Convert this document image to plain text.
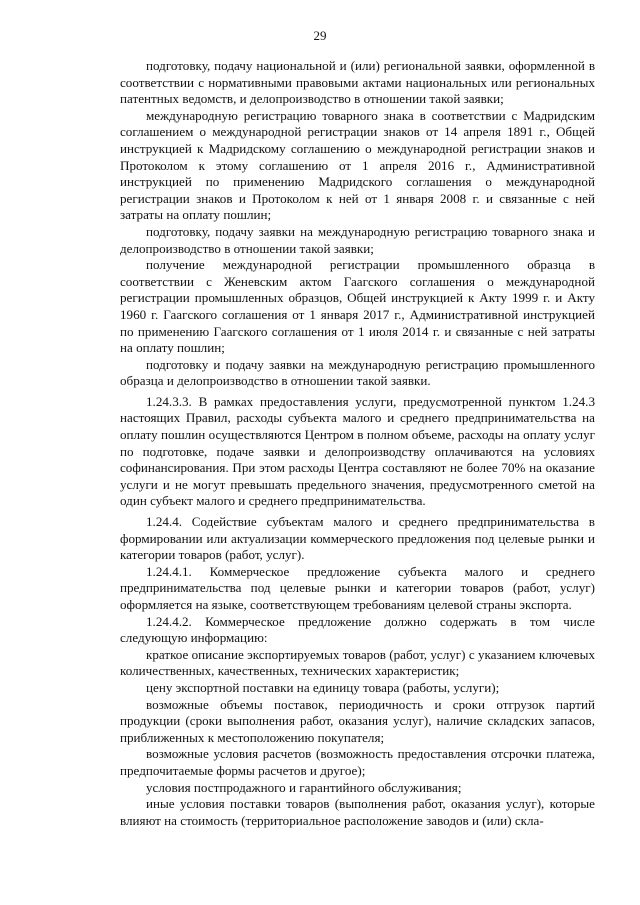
29

подготовку, подачу национальной и (или) региональной заявки, оформленной в соответствии с нормативными правовыми актами национальных или региональных патентных ведомств, и делопроизводство в отношении такой заявки;

международную регистрацию товарного знака в соответствии с Мадридским соглашением о международной регистрации знаков от 14 апреля 1891 г., Общей инструкцией к Мадридскому соглашению о международной регистрации знаков и Протоколом к этому соглашению от 1 апреля 2016 г., Административной инструкцией по применению Мадридского соглашения о международной регистрации знаков и Протоколом к ней от 1 января 2008 г. и связанные с ней затраты на оплату пошлин;

подготовку, подачу заявки на международную регистрацию товарного знака и делопроизводство в отношении такой заявки;

получение международной регистрации промышленного образца в соответствии с Женевским актом Гаагского соглашения о международной регистрации промышленных образцов, Общей инструкцией к Акту 1999 г. и Акту 1960 г. Гаагского соглашения от 1 января 2017 г., Административной инструкцией по применению Гаагского соглашения от 1 июля 2014 г. и связанные с ней затраты на оплату пошлин;

подготовку и подачу заявки на международную регистрацию промышленного образца и делопроизводство в отношении такой заявки.

1.24.3.3. В рамках предоставления услуги, предусмотренной пунктом 1.24.3 настоящих Правил, расходы субъекта малого и среднего предпринимательства на оплату пошлин осуществляются Центром в полном объеме, расходы на оплату услуг по подготовке, подаче заявки и делопроизводству оплачиваются на условиях софинансирования. При этом расходы Центра составляют не более 70% на оказание услуги и не могут превышать предельного значения, предусмотренного сметой на один субъект малого и среднего предпринимательства.

1.24.4. Содействие субъектам малого и среднего предпринимательства в формировании или актуализации коммерческого предложения под целевые рынки и категории товаров (работ, услуг).

1.24.4.1. Коммерческое предложение субъекта малого и среднего предпринимательства под целевые рынки и категории товаров (работ, услуг) оформляется на языке, соответствующем требованиям целевой страны экспорта.

1.24.4.2. Коммерческое предложение должно содержать в том числе следующую информацию:

краткое описание экспортируемых товаров (работ, услуг) с указанием ключевых количественных, качественных, технических характеристик;

цену экспортной поставки на единицу товара (работы, услуги);

возможные объемы поставок, периодичность и сроки отгрузок партий продукции (сроки выполнения работ, оказания услуг), наличие складских запасов, приближенных к местоположению покупателя;

возможные условия расчетов (возможность предоставления отсрочки платежа, предпочитаемые формы расчетов и другое);

условия постпродажного и гарантийного обслуживания;

иные условия поставки товаров (выполнения работ, оказания услуг), которые влияют на стоимость (территориальное расположение заводов и (или) скла-
